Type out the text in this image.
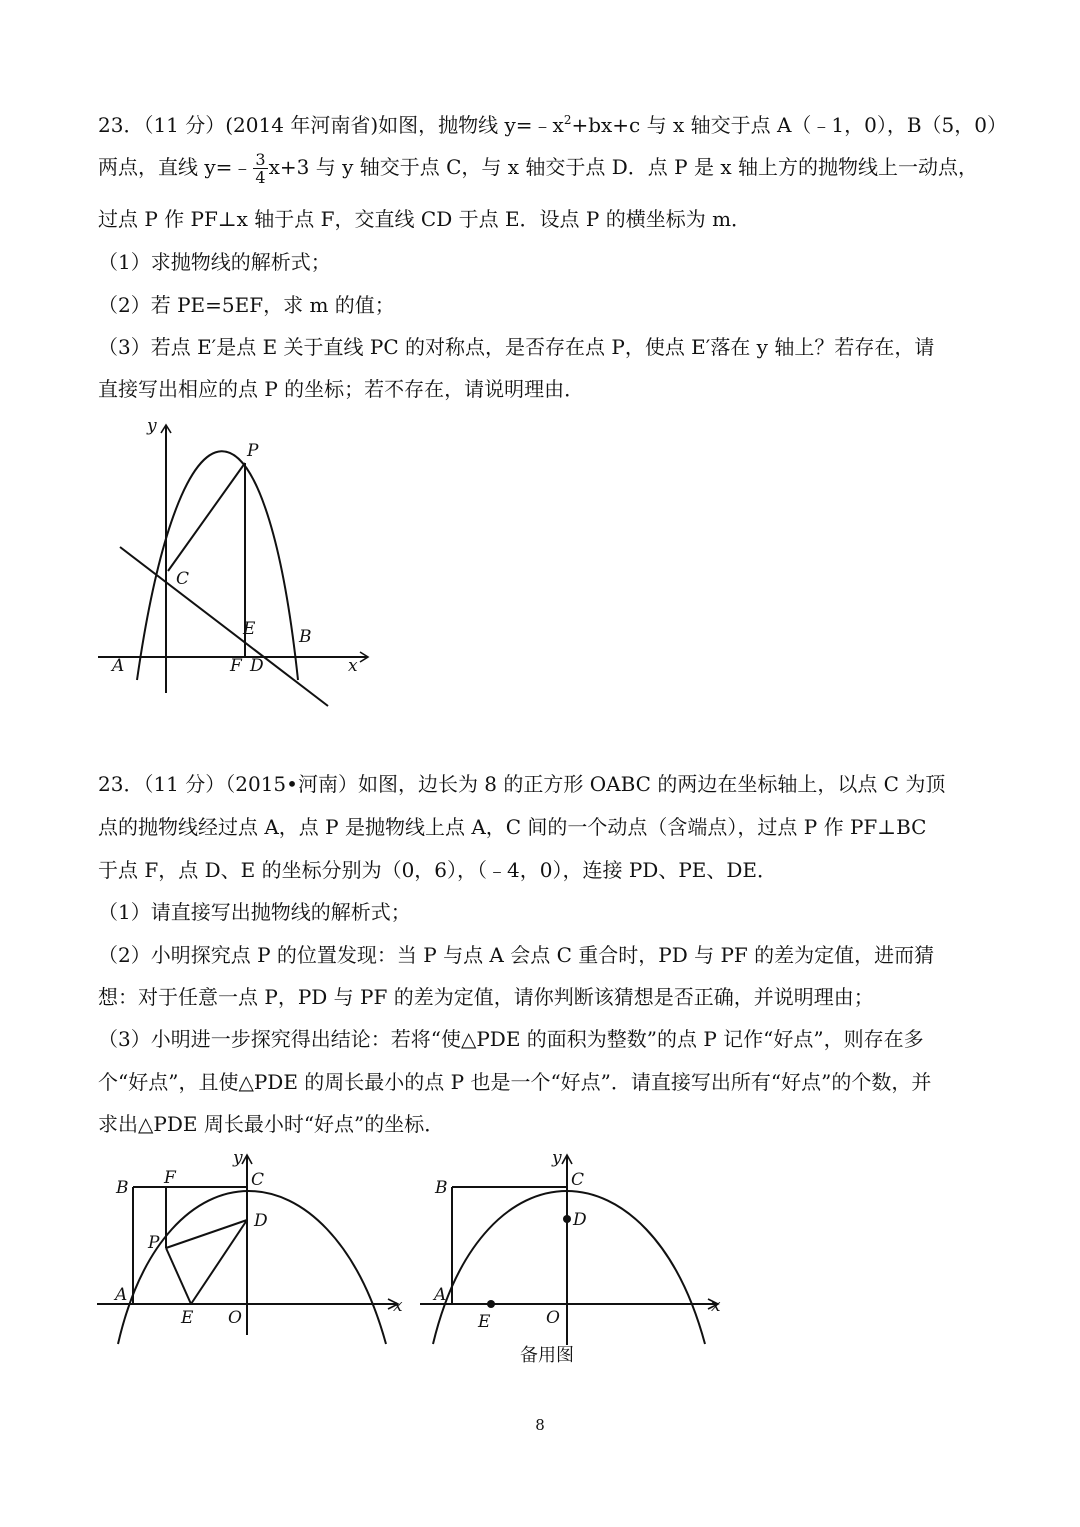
23．（11 分）(2014 年河南省)如图，抛物线 $y=﹣x^2+bx+c$ 与 x 轴交于点 A（﹣1，0），B（5，0）
两点，直线 y=﹣ $\frac{3}{4} x+3$ 与 y 轴交于点 C，与 x 轴交于点 D．点 P 是 x 轴上方的抛物线上一动点，
过点 P 作 PF⊥x 轴于点 F，交直线 CD 于点 E．设点 P 的横坐标为 m．
（1）求抛物线的解析式；
（2）若 PE=5EF，求 m 的值；
（3）若点 E′是点 E 关于直线 PC 的对称点，是否存在点 P，使点 E′落在 y 轴上？若存在，请
直接写出相应的点 P 的坐标；若不存在，请说明理由．
y
x
P
C
E	B
A	F D
23．（11 分）（2015•河南）如图，边长为 8 的正方形 OABC 的两边在坐标轴上，以点 C 为顶
点的抛物线经过点 A，点 P 是抛物线上点 A，C 间的一个动点（含端点），过点 P 作 PF⊥BC
于点 F，点 D、E 的坐标分别为（0，6），（﹣4，0），连接 PD、PE、DE．
（1）请直接写出抛物线的解析式；
（2）小明探究点 P 的位置发现：当 P 与点 A 会点 C 重合时，PD 与 PF 的差为定值，进而猜
想：对于任意一点 P，PD 与 PF 的差为定值，请你判断该猜想是否正确，并说明理由；
（3）小明进一步探究得出结论：若将“使△PDE 的面积为整数”的点 P 记作“好点”，则存在多
个“好点”，且使△PDE 的周长最小的点 P 也是一个“好点”．请直接写出所有“好点”的个数，并
求出△PDE 周长最小时“好点”的坐标．
y
x
B F	C
D
P
A
E O
y
x
B	C
D
A
E	O
备用图
8
